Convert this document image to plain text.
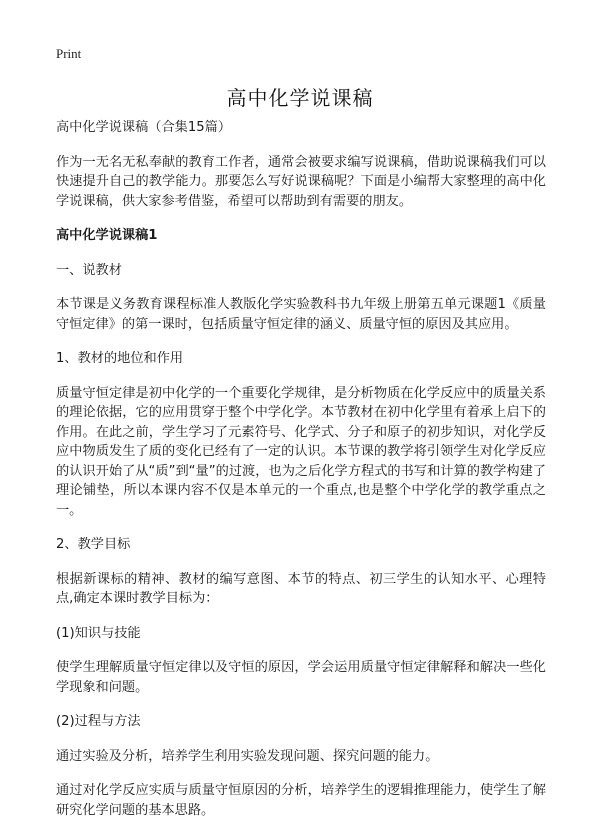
Print
高中化学说课稿

高中化学说课稿（合集15篇）

作为一无名无私奉献的教育工作者，通常会被要求编写说课稿，借助说课稿我们可以快速提升自己的教学能力。那要怎么写好说课稿呢？下面是小编帮大家整理的高中化学说课稿，供大家参考借鉴，希望可以帮助到有需要的朋友。

高中化学说课稿1

一、说教材

本节课是义务教育课程标准人教版化学实验教科书九年级上册第五单元课题1《质量守恒定律》的第一课时，包括质量守恒定律的涵义、质量守恒的原因及其应用。

1、教材的地位和作用

质量守恒定律是初中化学的一个重要化学规律，是分析物质在化学反应中的质量关系的理论依据，它的应用贯穿于整个中学化学。本节教材在初中化学里有着承上启下的作用。在此之前，学生学习了元素符号、化学式、分子和原子的初步知识，对化学反应中物质发生了质的变化已经有了一定的认识。本节课的教学将引领学生对化学反应的认识开始了从“质”到“量”的过渡，也为之后化学方程式的书写和计算的教学构建了理论铺垫，所以本课内容不仅是本单元的一个重点,也是整个中学化学的教学重点之一。

2、教学目标

根据新课标的精神、教材的编写意图、本节的特点、初三学生的认知水平、心理特点,确定本课时教学目标为：

(1)知识与技能

使学生理解质量守恒定律以及守恒的原因，学会运用质量守恒定律解释和解决一些化学现象和问题。

(2)过程与方法

通过实验及分析，培养学生利用实验发现问题、探究问题的能力。

通过对化学反应实质与质量守恒原因的分析，培养学生的逻辑推理能力，使学生了解研究化学问题的基本思路。
